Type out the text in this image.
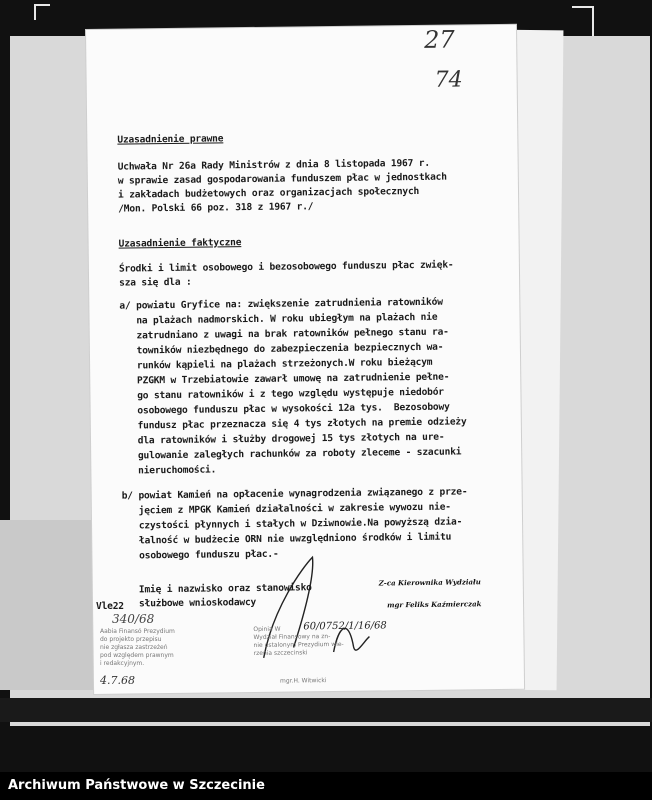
27
74
Uzasadnienie prawne
Uchwała Nr 26a Rady Ministrów z dnia 8 listopada 1967 r.
w sprawie zasad gospodarowania funduszem płac w jednostkach
i zakładach budżetowych oraz organizacjach społecznych
/Mon. Polski 66 poz. 318 z 1967 r./
Uzasadnienie faktyczne
Środki i limit osobowego i bezosobowego funduszu płac zwięk-
sza się dla :
a/ powiatu Gryfice na: zwiększenie zatrudnienia ratowników
na plażach nadmorskich. W roku ubiegłym na plażach nie
zatrudniano z uwagi na brak ratowników pełnego stanu ra-
towników niezbędnego do zabezpieczenia bezpiecznych wa-
runków kąpieli na plażach strzeżonych.W roku bieżącym
PZGKM w Trzebiatowie zawarł umowę na zatrudnienie pełne-
go stanu ratowników i z tego względu występuje niedobór
osobowego funduszu płac w wysokości 12a tys.  Bezosobowy
fundusz płac przeznacza się 4 tys złotych na premie odzieży
dla ratowników i służby drogowej 15 tys złotych na ure-
gulowanie zaległych rachunków za roboty zleceme - szacunki
nieruchomości.
b/ powiat Kamień na opłacenie wynagrodzenia związanego z prze-
jęciem z MPGK Kamień działalności w zakresie wywozu nie-
czystości płynnych i stałych w Dziwnowie.Na powyższą dzia-
łalność w budżecie ORN nie uwzględniono środków i limitu
osobowego funduszu płac.-
Imię i nazwisko oraz stanowisko
służbowe wnioskodawcy
Z-ca Kierownika Wydziału
mgr Feliks Kaźmierczak
Opinia W
Wydział Finansowy na zn-
nie ustalonym Prezydium wie-
rzenia szczecinski
60/0752/1/16/68
mgr.H. Witwicki
Vle22
340/68
Aabia Finansó Prezydium
do projekto przepisu
nie zgłasza zastrzeżeń
pod względem prawnym
i redakcyjnym.
4.7.68
Archiwum Państwowe w Szczecinie
